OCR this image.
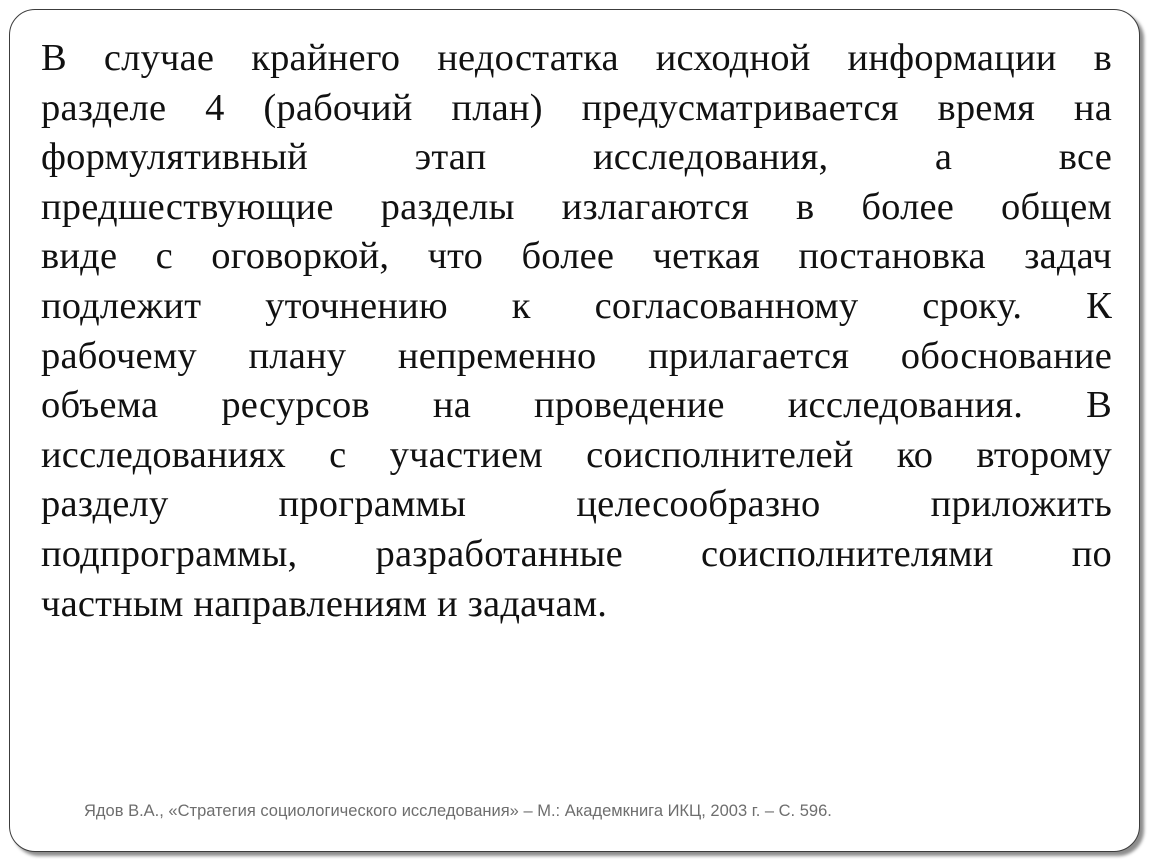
В случае крайнего недостатка исходной информации в
разделе 4 (рабочий план) предусматривается время на
формулятивный этап исследования, а все
предшествующие разделы излагаются в более общем
виде с оговоркой, что более четкая постановка задач
подлежит уточнению к согласованному сроку. К
рабочему плану непременно прилагается обоснование
объема ресурсов на проведение исследования. В
исследованиях с участием соисполнителей ко второму
разделу программы целесообразно приложить
подпрограммы, разработанные соисполнителями по
частным направлениям и задачам.

Ядов В.А., «Стратегия социологического исследования» – М.: Академкнига ИКЦ, 2003 г. – С. 596.
